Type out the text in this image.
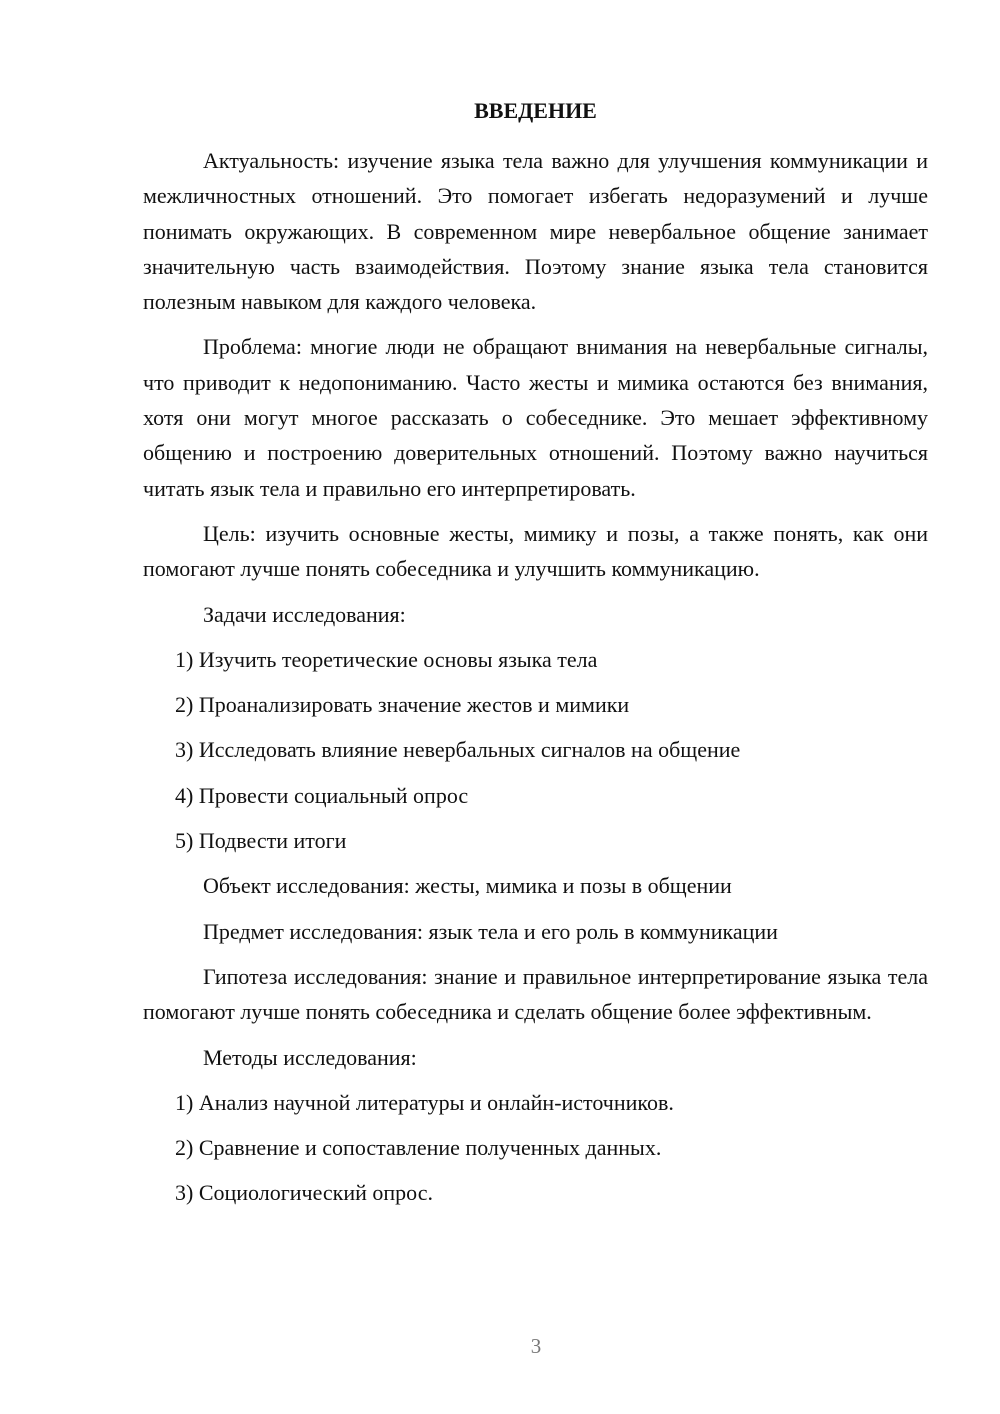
ВВЕДЕНИЕ

Актуальность: изучение языка тела важно для улучшения коммуникации и межличностных отношений. Это помогает избегать недоразумений и лучше понимать окружающих. В современном мире невербальное общение занимает значительную часть взаимодействия. Поэтому знание языка тела становится полезным навыком для каждого человека.

Проблема: многие люди не обращают внимания на невербальные сигналы, что приводит к недопониманию. Часто жесты и мимика остаются без внимания, хотя они могут многое рассказать о собеседнике. Это мешает эффективному общению и построению доверительных отношений. Поэтому важно научиться читать язык тела и правильно его интерпретировать.

Цель: изучить основные жесты, мимику и позы, а также понять, как они помогают лучше понять собеседника и улучшить коммуникацию.

Задачи исследования:

1) Изучить теоретические основы языка тела
2) Проанализировать значение жестов и мимики
3) Исследовать влияние невербальных сигналов на общение
4) Провести социальный опрос
5) Подвести итоги

Объект исследования: жесты, мимика и позы в общении

Предмет исследования: язык тела и его роль в коммуникации

Гипотеза исследования: знание и правильное интерпретирование языка тела помогают лучше понять собеседника и сделать общение более эффективным.

Методы исследования:

1) Анализ научной литературы и онлайн-источников.
2) Сравнение и сопоставление полученных данных.
3) Социологический опрос.
3
